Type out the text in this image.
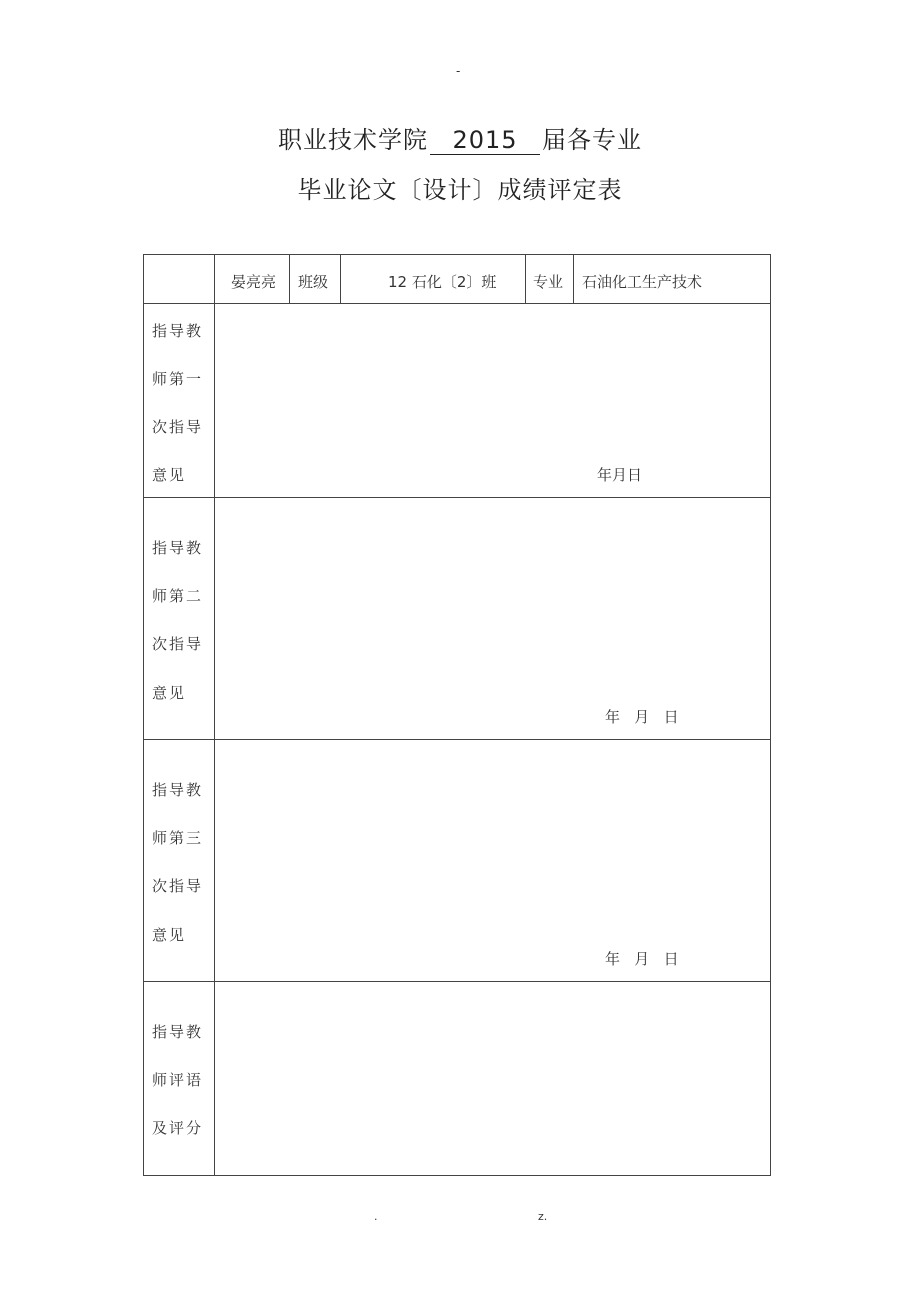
-
职业技术学院 2015 届各专业
毕业论文〔设计〕成绩评定表
晏亮亮 班级	12 石化〔2〕班 专业 石油化工生产技术
指导教
师第一
次指导
意见	年月日
指导教
师第二
次指导
意见
年   月   日
指导教
师第三
次指导
意见
年   月   日
指导教
师评语
及评分
.	z.
